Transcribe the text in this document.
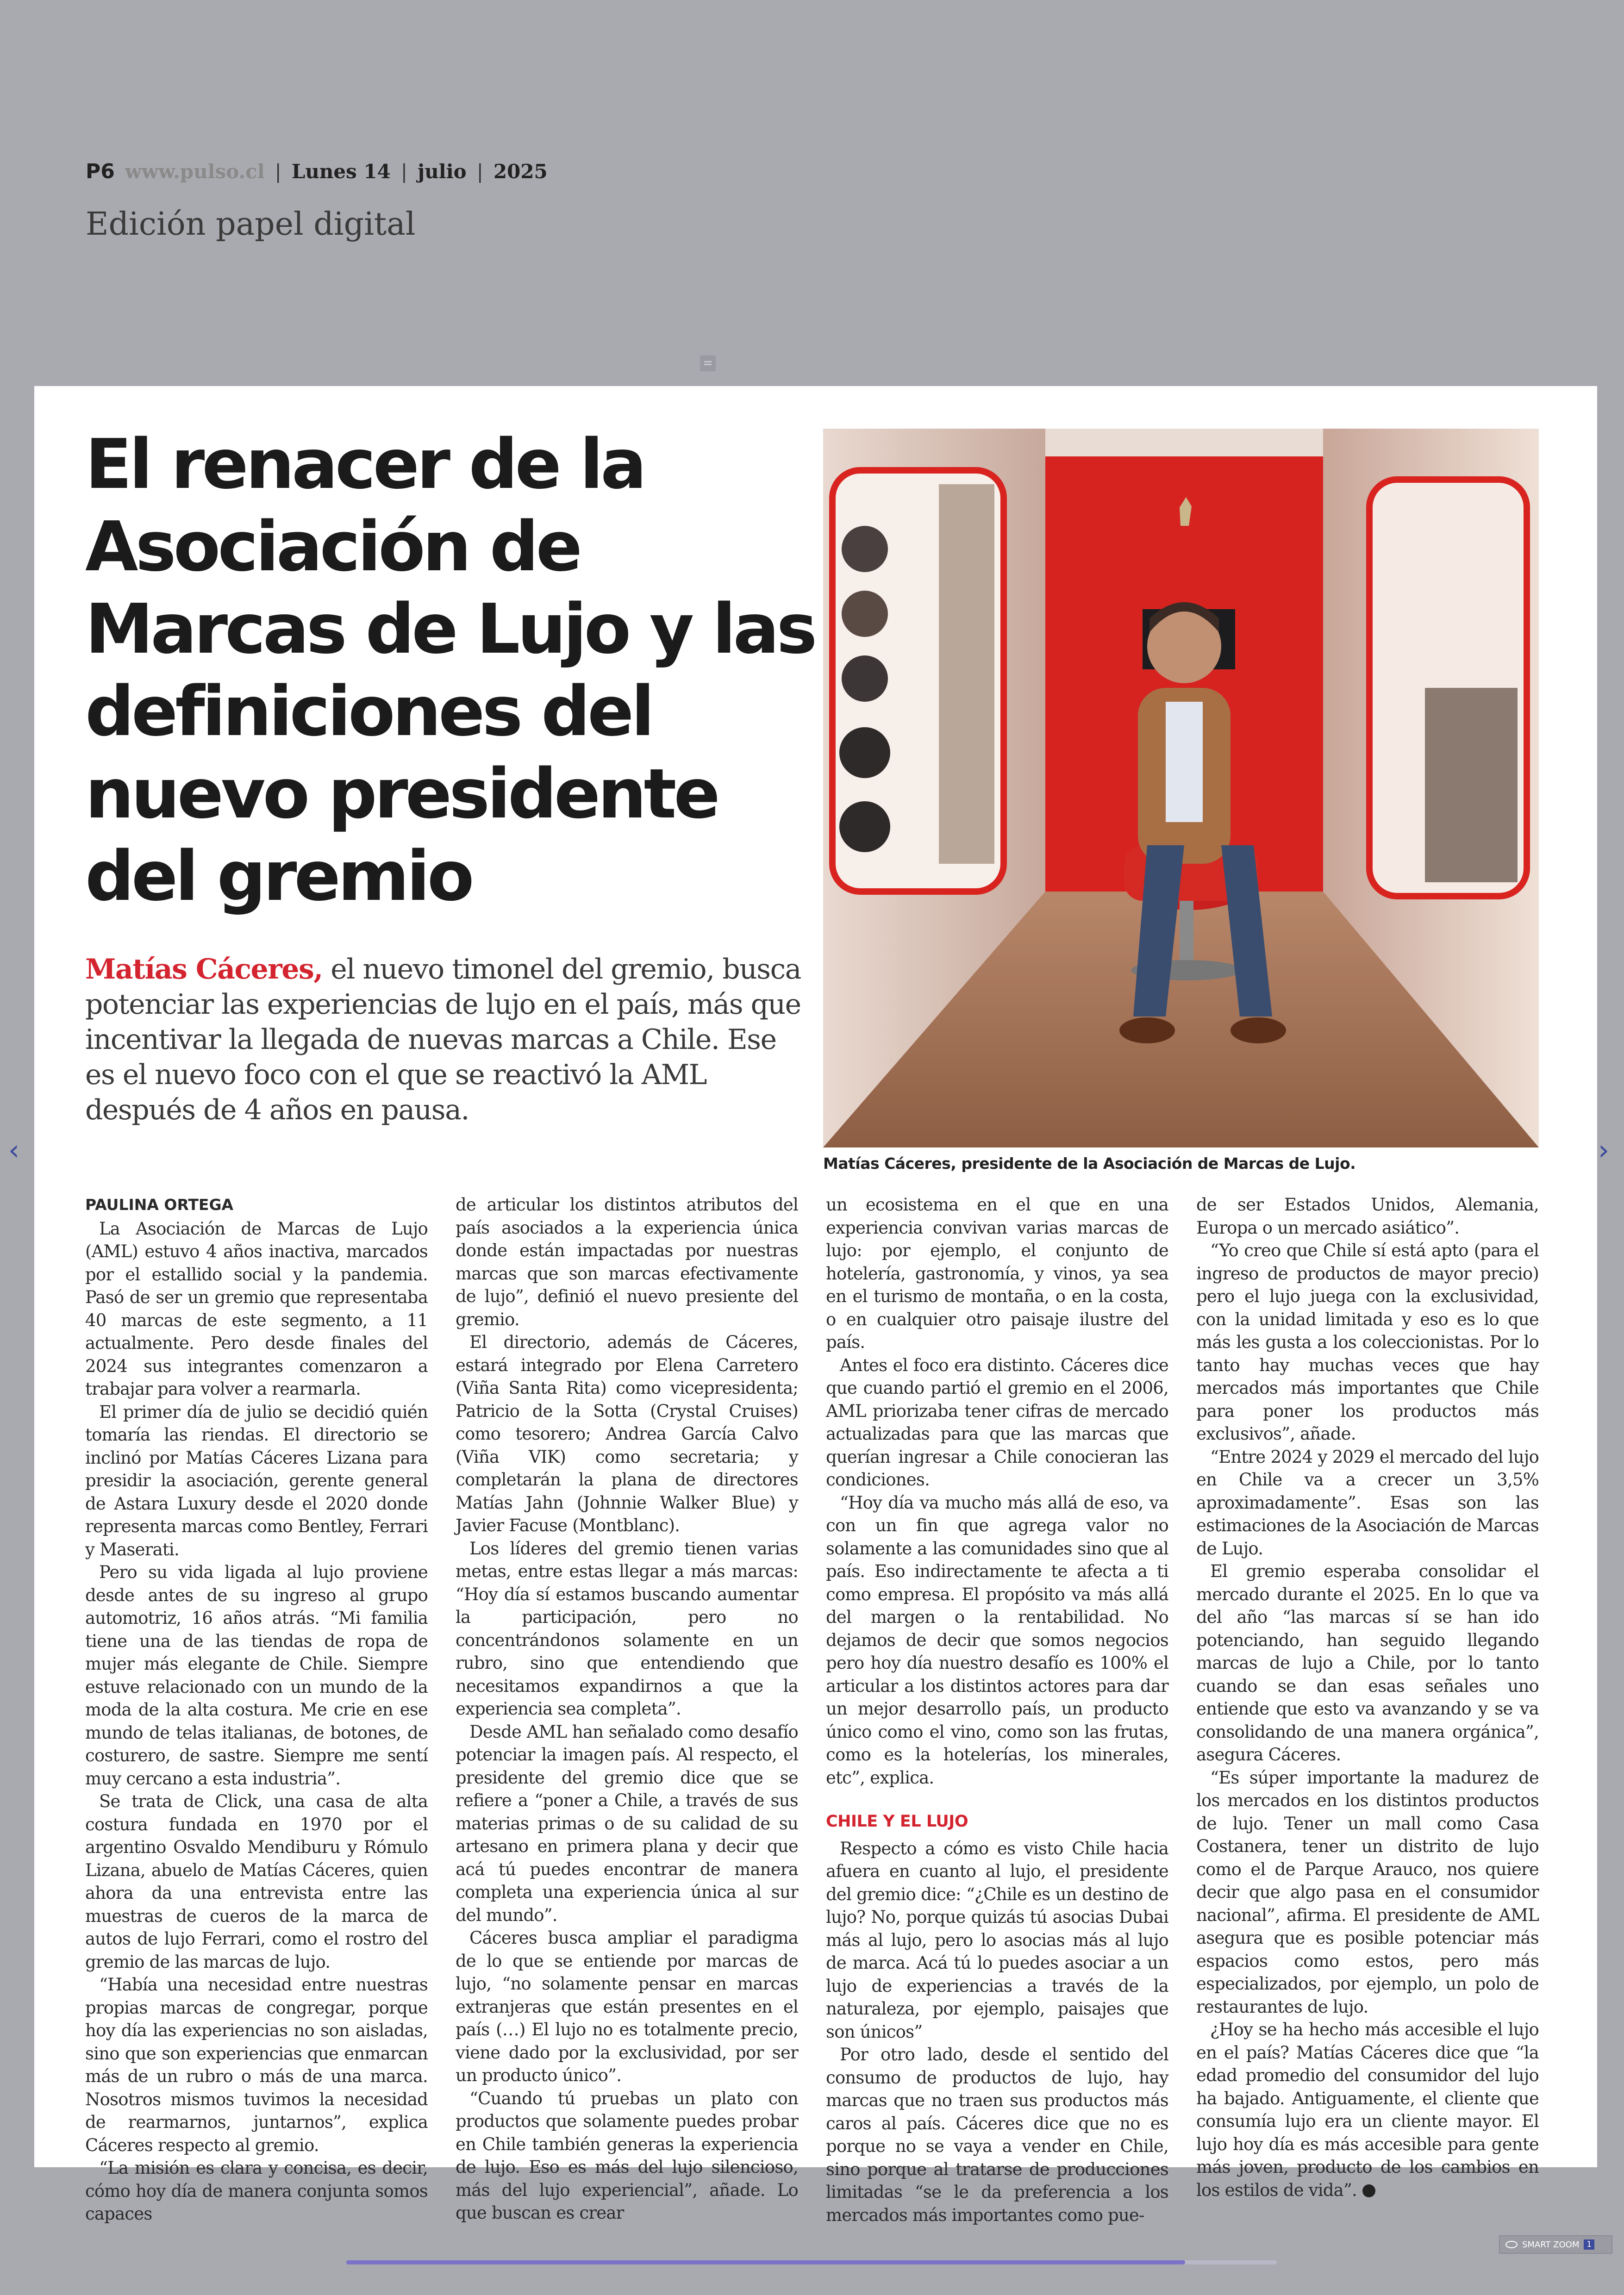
P6 www.pulso.cl | Lunes 14 | julio | 2025
Edición papel digital
‹	›
El renacer de la Asociación de Marcas de Lujo y las definiciones del nuevo presidente del gremio

Matías Cáceres, el nuevo timonel del gremio, busca potenciar las experiencias de lujo en el país, más que incentivar la llegada de nuevas marcas a Chile. Ese es el nuevo foco con el que se reactivó la AML después de 4 años en pausa.

Matías Cáceres, presidente de la Asociación de Marcas de Lujo.
PAULINA ORTEGA

La Asociación de Marcas de Lujo (AML) estuvo 4 años inactiva, marcados por el estallido social y la pandemia. Pasó de ser un gremio que representaba 40 marcas de este segmento, a 11 actualmente. Pero desde finales del 2024 sus integrantes comenzaron a trabajar para volver a rearmarla.

El primer día de julio se decidió quién tomaría las riendas. El directorio se inclinó por Matías Cáceres Lizana para presidir la asociación, gerente general de Astara Luxury desde el 2020 donde representa marcas como Bentley, Ferrari y Maserati.

Pero su vida ligada al lujo proviene desde antes de su ingreso al grupo automotriz, 16 años atrás. “Mi familia tiene una de las tiendas de ropa de mujer más elegante de Chile. Siempre estuve relacionado con un mundo de la moda de la alta costura. Me crie en ese mundo de telas italianas, de botones, de costurero, de sastre. Siempre me sentí muy cercano a esta industria”.

Se trata de Click, una casa de alta costura fundada en 1970 por el argentino Osvaldo Mendiburu y Rómulo Lizana, abuelo de Matías Cáceres, quien ahora da una entrevista entre las muestras de cueros de la marca de autos de lujo Ferrari, como el rostro del gremio de las marcas de lujo.

“Había una necesidad entre nuestras propias marcas de congregar, porque hoy día las experiencias no son aisladas, sino que son experiencias que enmarcan más de un rubro o más de una marca. Nosotros mismos tuvimos la necesidad de rearmarnos, juntarnos”, explica Cáceres respecto al gremio.

“La misión es clara y concisa, es decir, cómo hoy día de manera conjunta somos capaces

de articular los distintos atributos del país asociados a la experiencia única donde están impactadas por nuestras marcas que son marcas efectivamente de lujo”, definió el nuevo presiente del gremio.

El directorio, además de Cáceres, estará integrado por Elena Carretero (Viña Santa Rita) como vicepresidenta; Patricio de la Sotta (Crystal Cruises) como tesorero; Andrea García Calvo (Viña VIK) como secretaria; y completarán la plana de directores Matías Jahn (Johnnie Walker Blue) y Javier Facuse (Montblanc).

Los líderes del gremio tienen varias metas, entre estas llegar a más marcas: “Hoy día sí estamos buscando aumentar la participación, pero no concentrándonos solamente en un rubro, sino que entendiendo que necesitamos expandirnos a que la experiencia sea completa”.

Desde AML han señalado como desafío potenciar la imagen país. Al respecto, el presidente del gremio dice que se refiere a “poner a Chile, a través de sus materias primas o de su calidad de su artesano en primera plana y decir que acá tú puedes encontrar de manera completa una experiencia única al sur del mundo”.

Cáceres busca ampliar el paradigma de lo que se entiende por marcas de lujo, “no solamente pensar en marcas extranjeras que están presentes en el país (…) El lujo no es totalmente precio, viene dado por la exclusividad, por ser un producto único”.

“Cuando tú pruebas un plato con productos que solamente puedes probar en Chile también generas la experiencia de lujo. Eso es más del lujo silencioso, más del lujo experiencial”, añade. Lo que buscan es crear

un ecosistema en el que en una experiencia convivan varias marcas de lujo: por ejemplo, el conjunto de hotelería, gastronomía, y vinos, ya sea en el turismo de montaña, o en la costa, o en cualquier otro paisaje ilustre del país.

Antes el foco era distinto. Cáceres dice que cuando partió el gremio en el 2006, AML priorizaba tener cifras de mercado actualizadas para que las marcas que querían ingresar a Chile conocieran las condiciones.

“Hoy día va mucho más allá de eso, va con un fin que agrega valor no solamente a las comunidades sino que al país. Eso indirectamente te afecta a ti como empresa. El propósito va más allá del margen o la rentabilidad. No dejamos de decir que somos negocios pero hoy día nuestro desafío es 100% el articular a los distintos actores para dar un mejor desarrollo país, un producto único como el vino, como son las frutas, como es la hotelerías, los minerales, etc”, explica.

CHILE Y EL LUJO

Respecto a cómo es visto Chile hacia afuera en cuanto al lujo, el presidente del gremio dice: “¿Chile es un destino de lujo? No, porque quizás tú asocias Dubai más al lujo, pero lo asocias más al lujo de marca. Acá tú lo puedes asociar a un lujo de experiencias a través de la naturaleza, por ejemplo, paisajes que son únicos”

Por otro lado, desde el sentido del consumo de productos de lujo, hay marcas que no traen sus productos más caros al país. Cáceres dice que no es porque no se vaya a vender en Chile, sino porque al tratarse de producciones limitadas “se le da preferencia a los mercados más importantes como pue-

de ser Estados Unidos, Alemania, Europa o un mercado asiático”.

“Yo creo que Chile sí está apto (para el ingreso de productos de mayor precio) pero el lujo juega con la exclusividad, con la unidad limitada y eso es lo que más les gusta a los coleccionistas. Por lo tanto hay muchas veces que hay mercados más importantes que Chile para poner los productos más exclusivos”, añade.

“Entre 2024 y 2029 el mercado del lujo en Chile va a crecer un 3,5% aproximadamente”. Esas son las estimaciones de la Asociación de Marcas de Lujo.

El gremio esperaba consolidar el mercado durante el 2025. En lo que va del año “las marcas sí se han ido potenciando, han seguido llegando marcas de lujo a Chile, por lo tanto cuando se dan esas señales uno entiende que esto va avanzando y se va consolidando de una manera orgánica”, asegura Cáceres.

“Es súper importante la madurez de los mercados en los distintos productos de lujo. Tener un mall como Casa Costanera, tener un distrito de lujo como el de Parque Arauco, nos quiere decir que algo pasa en el consumidor nacional”, afirma. El presidente de AML asegura que es posible potenciar más espacios como estos, pero más especializados, por ejemplo, un polo de restaurantes de lujo.

¿Hoy se ha hecho más accesible el lujo en el país? Matías Cáceres dice que “la edad promedio del consumidor del lujo ha bajado. Antiguamente, el cliente que consumía lujo era un cliente mayor. El lujo hoy día es más accesible para gente más joven, producto de los cambios en los estilos de vida”.

SMART ZOOM 1
